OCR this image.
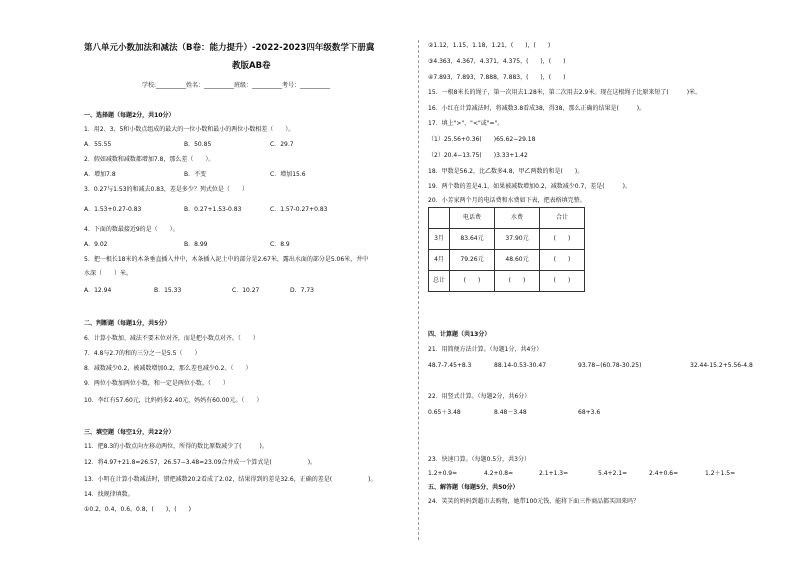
第八单元小数加法和减法（B卷：能力提升）-2022-2023四年级数学下册冀
教版AB卷
学校:__________姓名：__________班级：__________考号：__________
一、选择题（每题2分，共10分）
1．用2、3、5和小数点组成的最大的一位小数和最小的两位小数相差（　　）。
A．55.55	B．50.85	C．29.7
2．假如减数和减数都增加7.8，那么差（　　）。
A．增加7.8	B．不变	C．增加15.6
3．0.27与1.53的和减去0.83，差是多少？列式位是（　　）
A．1.53+0.27-0.83	B．0.27+1.53-0.83	C．1.57-0.27+0.83
4．下面的数最接近9的是（　　）。
A．9.02	B．8.99	C．8.9
5．把一根长18米的木条垂直插入井中，木条插入泥土中的部分是2.67米，露出水面的部分是5.06米，井中
水深（　　）米。
A．12.94	B．15.33	C．10.27	D．7.73
二、判断题（每题1分，共5分）
6．计算小数加、减法不要末位对齐，而是把小数点对齐。（　　）
7．4.8与2.7的和的三分之一是5.5（　　）
8．减数减少0.2，被减数增加0.2，那么差也减少0.2。（　　）
9．两位小数加两位小数，和一定是两位小数。（　　）
10．李红有57.60元，比妈妈多2.40元，妈妈有60.00元。（　　）
三、填空题（每空1分，共22分）
11．把8.3的小数点向左移动两位，所得的数比原数减少了(　　　)。
12．将4.97+21.8=26.57，26.57−3.48=23.09合并成一个算式是(　　　　　　)。
13．小明在计算小数减法时，错把减数20.2看成了2.02，结果得到的差是32.6，正确的差是(　　　　　　)。
14．找规律填数。
①0.2，0.4，0.6，0.8，(　　)，(　　)
②1.12，1.15，1.18，1.21，(　　)，(　　)
③4.363，4.367，4.371，4.375，(　　)，(　　)
④7.893，7.893，7.888，7.883，(　　)，(　　)
15．一根8米长的绳子，第一次用去1.28米，第二次用去2.9米。现在这根绳子比原来短了(　　　)米。
16．小红在计算减法时，将减数3.8看成38，得38，那么正确的结果是(　　　)。
17．填上">"、"<"或"="。
（1）25.56+0.36(　　)65.62−29.18
（2）20.4−13.75(　　)3.33+1.42
18．甲数是56.2，比乙数多4.8，甲乙两数的和是(　　)。
19．两个数的差是4.1，如果被减数增加0.2，减数减少0.7，差是(　　　)。
20．小芳家两个月的电话费和水费如下表，把表格填完整。
	电话费	水费	合计
3月	83.64元	37.90元	(　　)
4月	79.26元	48.60元	(　　)
总计	(　　)	(　　)	(　　)
四、计算题（共13分）
21．用简便方法计算。（每题1分，共4分）
48.7-7.45+8.3	88.14-0.53-30.47	93.78−(60.78-30.25)	32.44-15.2+5.56-4.8
22．用竖式计算。（每题2分，共6分）
0.65＋3.48	8.48－3.48	68+3.6
23．快速口算。（每题0.5分，共3分）
1.2+0.9=	4.2+0.8=	2.1+1.3=	5.4+2.1=	2.4+0.6=	1.2＋1.5=
五、解答题（每题5分，共50分）
24．笑笑的妈妈到超市去购物，她带100元钱，能将下面三件商品都买回来吗？
